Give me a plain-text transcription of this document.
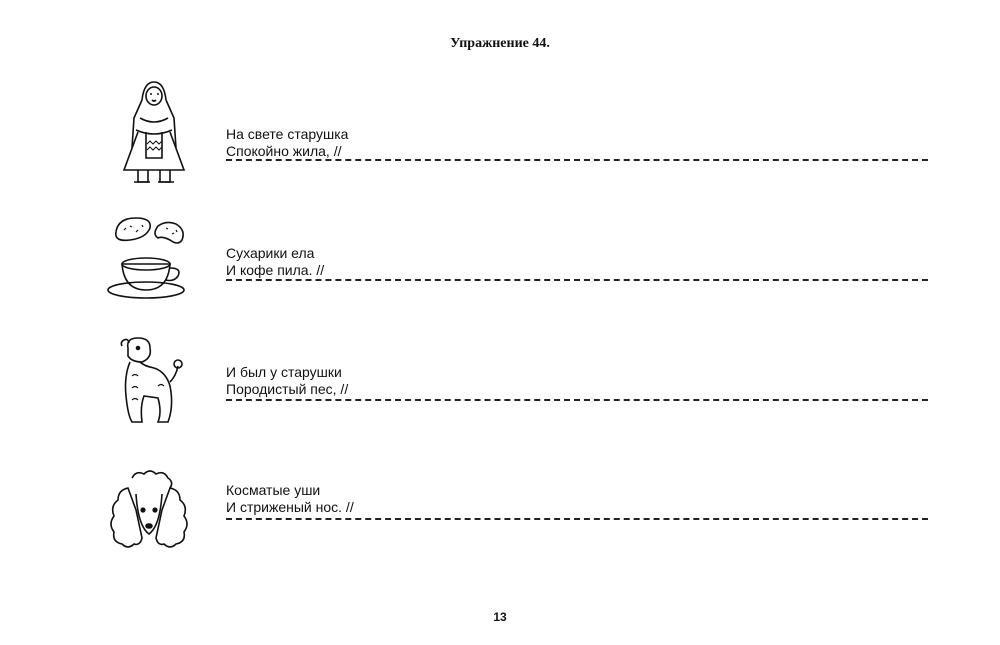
Упражнение 44.
На свете старушка
Спокойно жила, //
Сухарики ела
И кофе пила. //
И был у старушки
Породистый пес, //
Косматые уши
И стриженый нос. //
13
